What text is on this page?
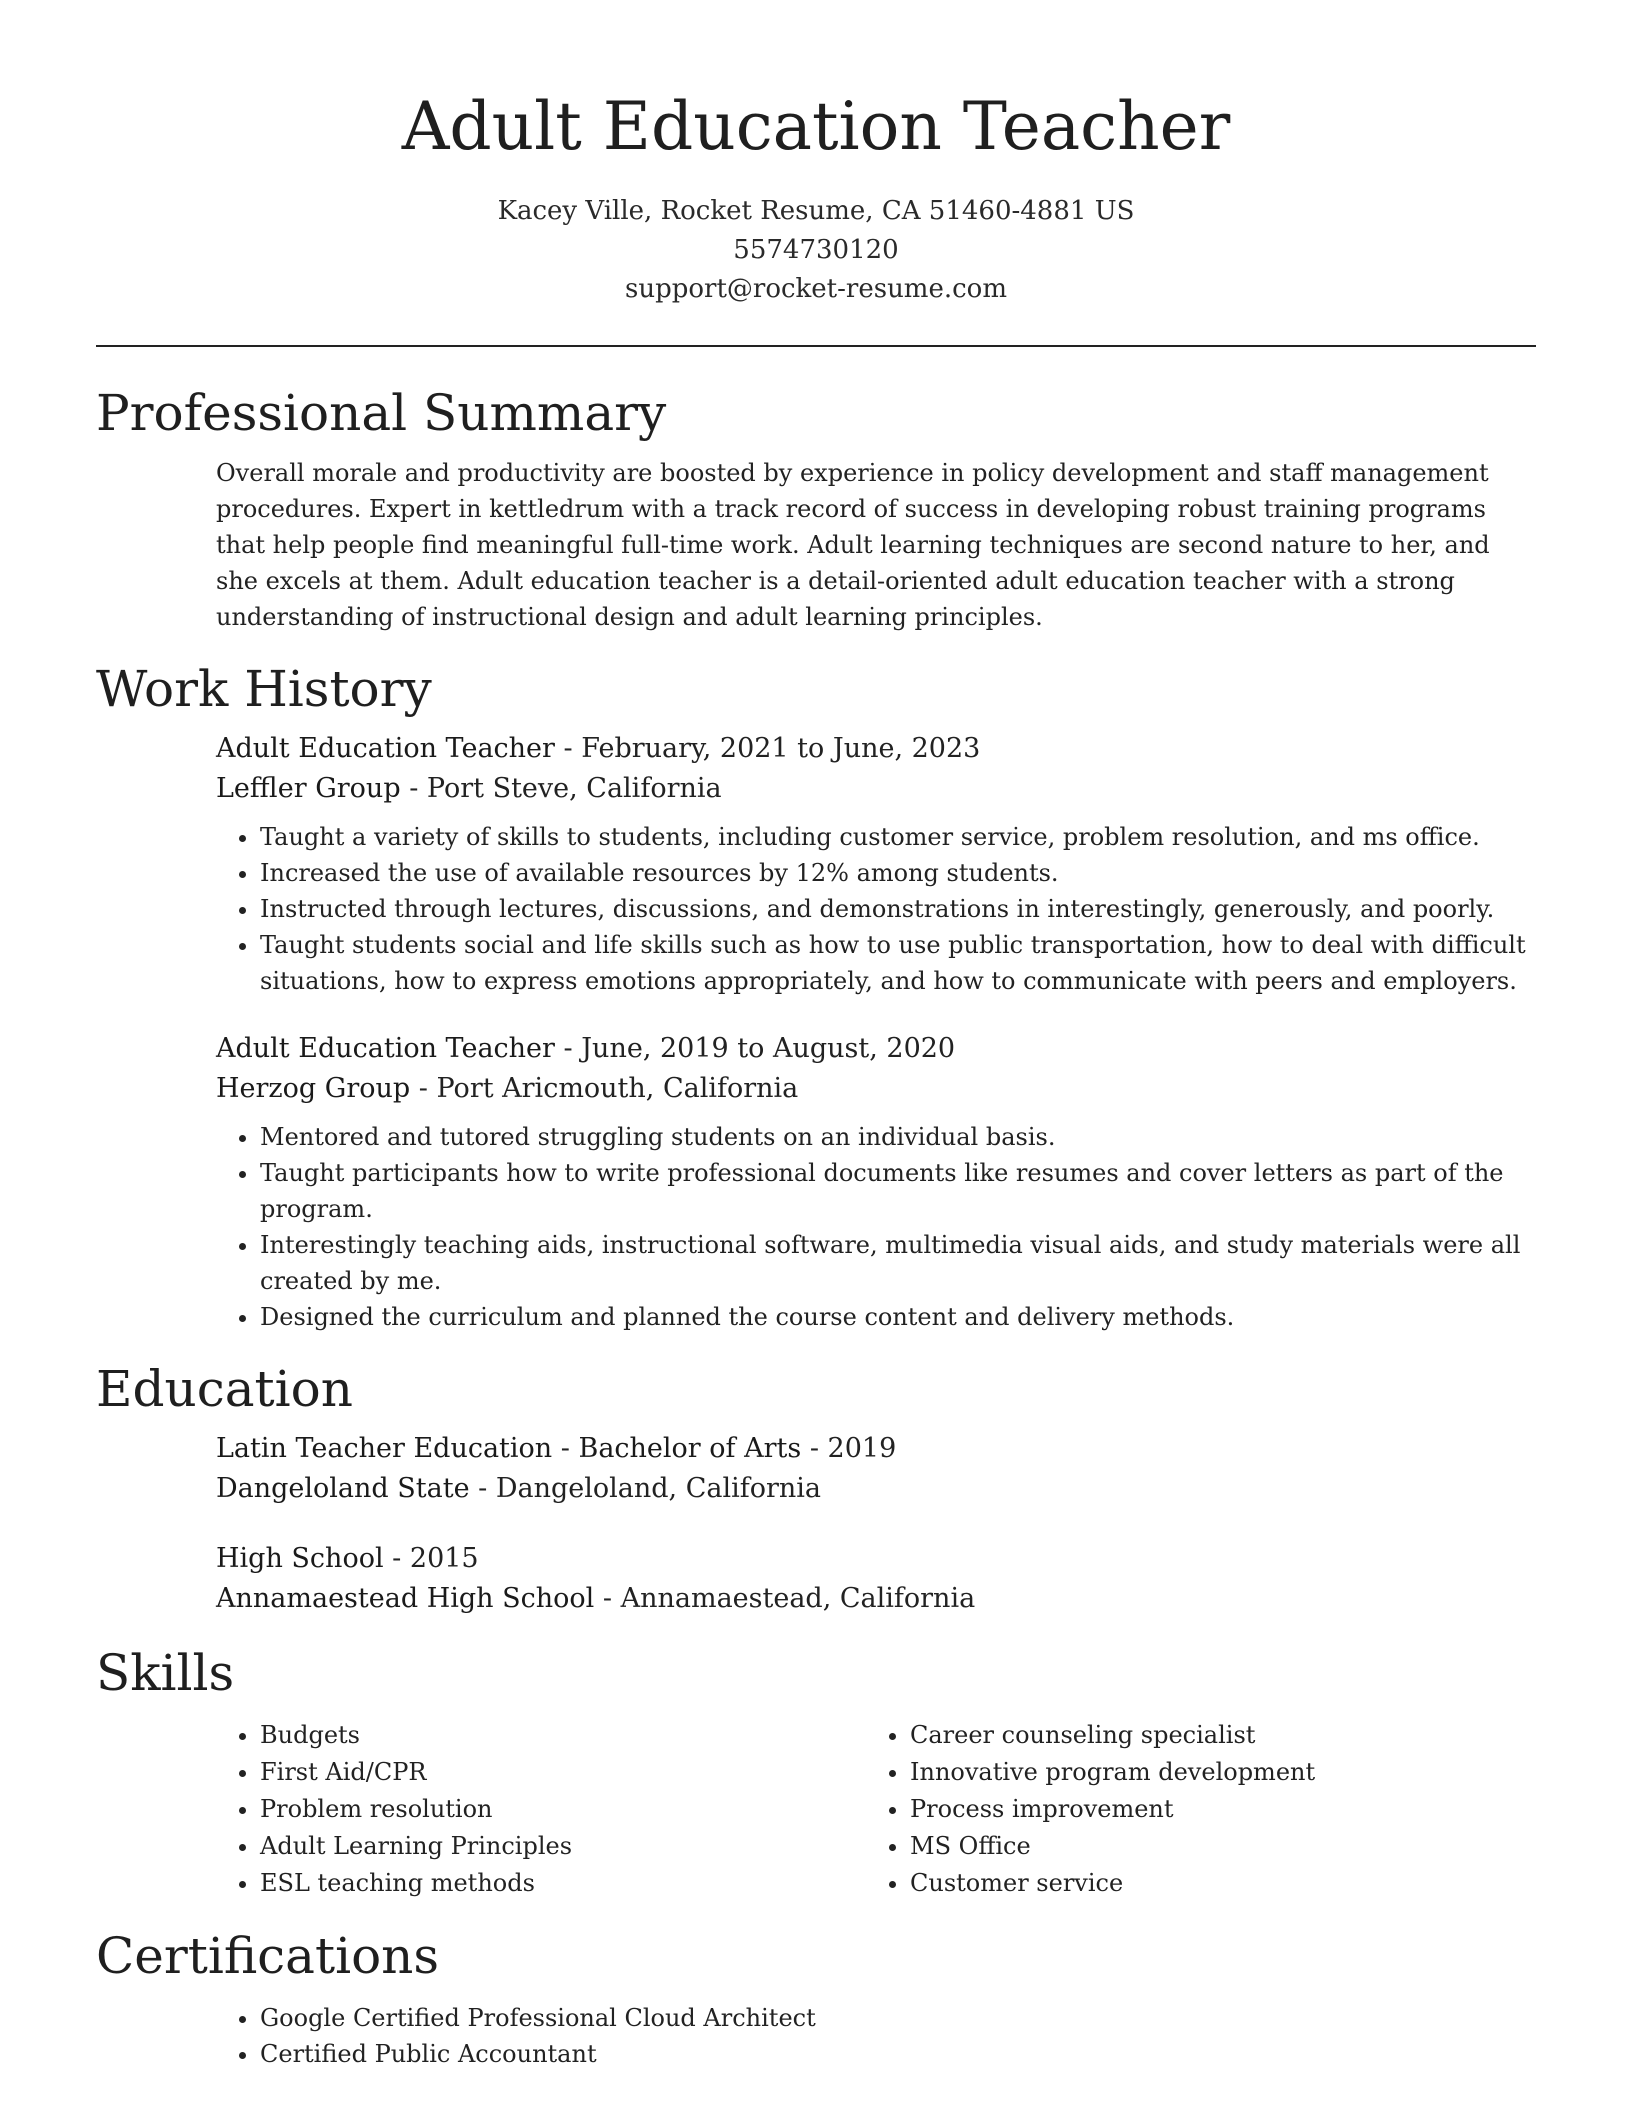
Adult Education Teacher
Kacey Ville, Rocket Resume, CA 51460-4881 US
5574730120
support@rocket-resume.com
Professional Summary

Overall morale and productivity are boosted by experience in policy development and staff management procedures. Expert in kettledrum with a track record of success in developing robust training programs that help people find meaningful full-time work. Adult learning techniques are second nature to her, and she excels at them. Adult education teacher is a detail-oriented adult education teacher with a strong understanding of instructional design and adult learning principles.

Work History
Adult Education Teacher - February, 2021 to June, 2023
Leffler Group - Port Steve, California
• Taught a variety of skills to students, including customer service, problem resolution, and ms office.
• Increased the use of available resources by 12% among students.
• Instructed through lectures, discussions, and demonstrations in interestingly, generously, and poorly.
• Taught students social and life skills such as how to use public transportation, how to deal with difficult situations, how to express emotions appropriately, and how to communicate with peers and employers.
Adult Education Teacher - June, 2019 to August, 2020
Herzog Group - Port Aricmouth, California
• Mentored and tutored struggling students on an individual basis.
• Taught participants how to write professional documents like resumes and cover letters as part of the program.
• Interestingly teaching aids, instructional software, multimedia visual aids, and study materials were all created by me.
• Designed the curriculum and planned the course content and delivery methods.
Education
Latin Teacher Education - Bachelor of Arts - 2019
Dangeloland State - Dangeloland, California
High School - 2015
Annamaestead High School - Annamaestead, California
Skills
• Budgets
• First Aid/CPR
• Problem resolution
• Adult Learning Principles
• ESL teaching methods
• Career counseling specialist
• Innovative program development
• Process improvement
• MS Office
• Customer service
Certifications
• Google Certified Professional Cloud Architect
• Certified Public Accountant
